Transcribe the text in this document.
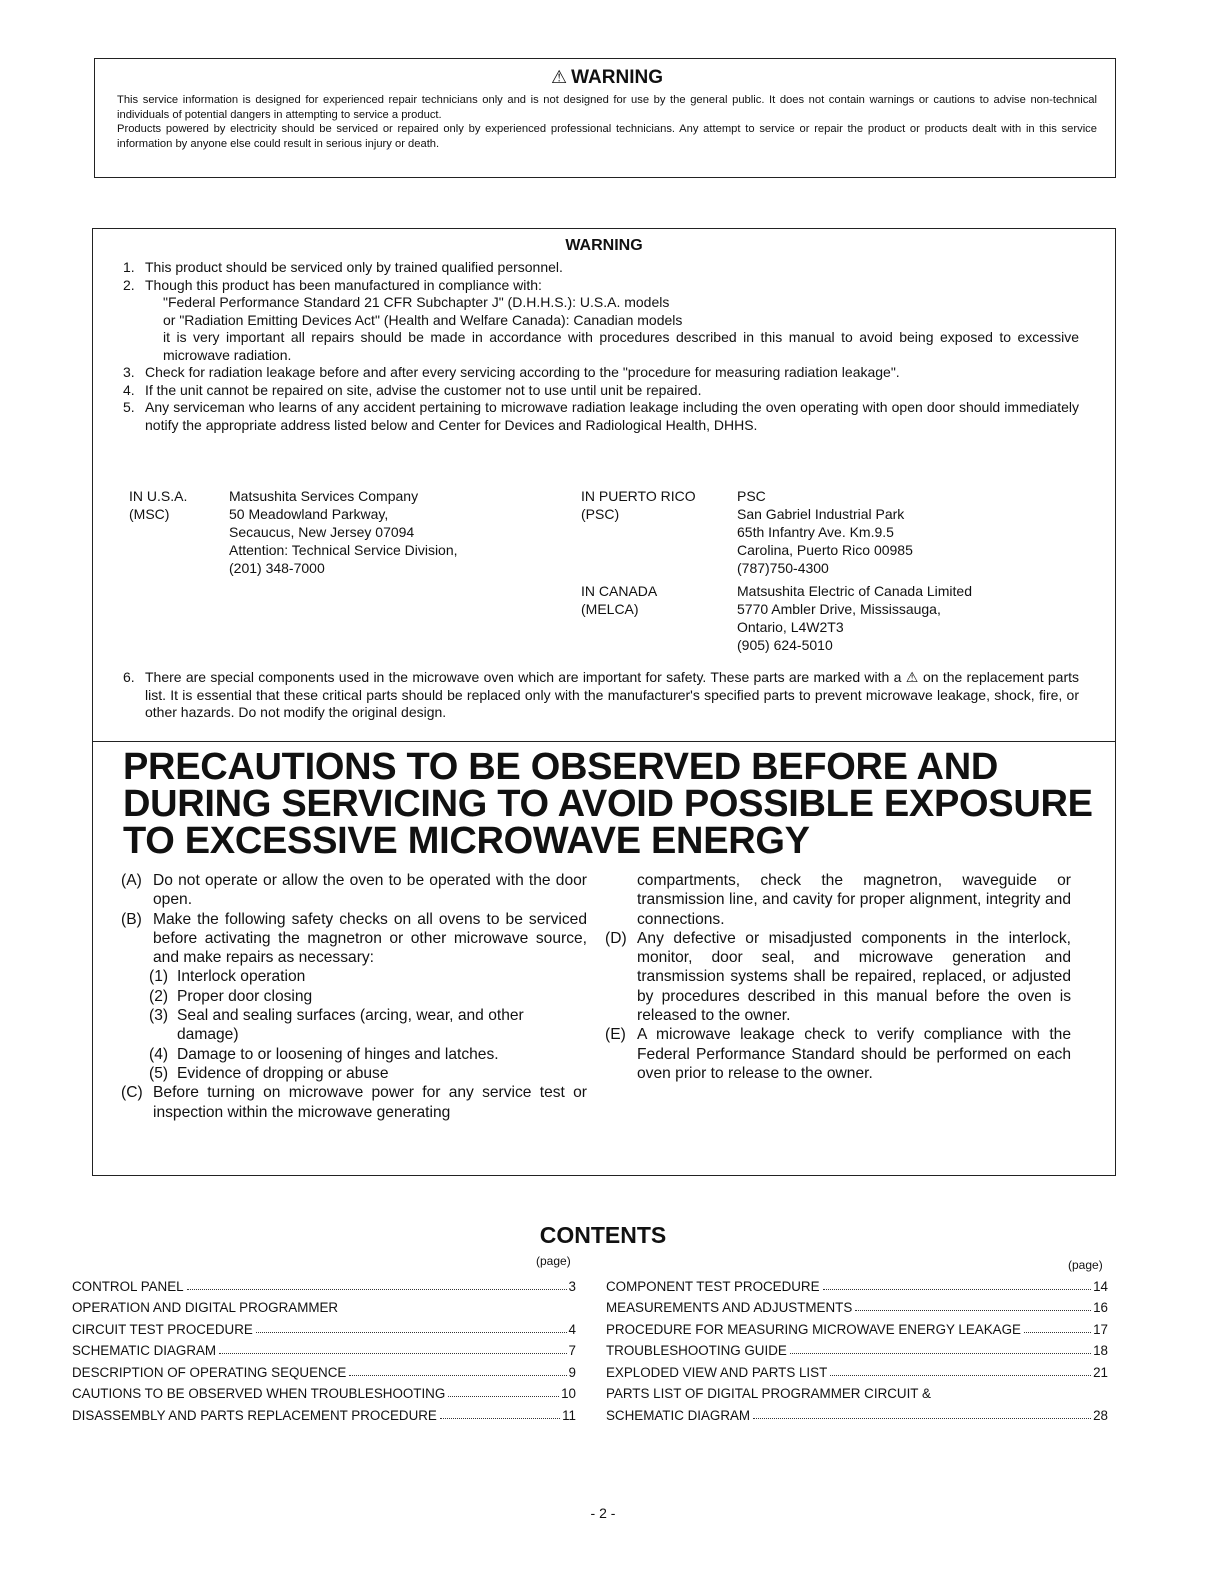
⚠ WARNING

This service information is designed for experienced repair technicians only and is not designed for use by the general public. It does not contain warnings or cautions to advise non-technical individuals of potential dangers in attempting to service a product.

Products powered by electricity should be serviced or repaired only by experienced professional technicians. Any attempt to service or repair the product or products dealt with in this service information by anyone else could result in serious injury or death.

WARNING
1. This product should be serviced only by trained qualified personnel.

2. Though this product has been manufactured in compliance with:

"Federal Performance Standard 21 CFR Subchapter J" (D.H.H.S.): U.S.A. models

or "Radiation Emitting Devices Act" (Health and Welfare Canada): Canadian models

it is very important all repairs should be made in accordance with procedures described in this manual to avoid being exposed to excessive microwave radiation.

3. Check for radiation leakage before and after every servicing according to the "procedure for measuring radiation leakage".

4. If the unit cannot be repaired on site, advise the customer not to use until unit be repaired.

5. Any serviceman who learns of any accident pertaining to microwave radiation leakage including the oven operating with open door should immediately notify the appropriate address listed below and Center for Devices and Radiological Health, DHHS.

IN U.S.A.
(MSC)
Matsushita Services Company
50 Meadowland Parkway,
Secaucus, New Jersey 07094
Attention: Technical Service Division,
(201) 348-7000
IN PUERTO RICO
(PSC)
PSC
San Gabriel Industrial Park
65th Infantry Ave. Km.9.5
Carolina, Puerto Rico 00985
(787)750-4300
IN CANADA
(MELCA)
Matsushita Electric of Canada Limited
5770 Ambler Drive, Mississauga,
Ontario, L4W2T3
(905) 624-5010
6. There are special components used in the microwave oven which are important for safety. These parts are marked with a ⚠ on the replacement parts list. It is essential that these critical parts should be replaced only with the manufacturer's specified parts to prevent microwave leakage, shock, fire, or other hazards. Do not modify the original design.

PRECAUTIONS TO BE OBSERVED BEFORE AND
DURING SERVICING TO AVOID POSSIBLE EXPOSURE
TO EXCESSIVE MICROWAVE ENERGY
(A) Do not operate or allow the oven to be operated with the door open.
(B) Make the following safety checks on all ovens to be serviced before activating the magnetron or other microwave source, and make repairs as necessary:
(1) Interlock operation
(2) Proper door closing
(3) Seal and sealing surfaces (arcing, wear, and other damage)
(4) Damage to or loosening of hinges and latches.
(5) Evidence of dropping or abuse
(C) Before turning on microwave power for any service test or inspection within the microwave generating
compartments, check the magnetron, waveguide or transmission line, and cavity for proper alignment, integrity and connections.
(D) Any defective or misadjusted components in the interlock, monitor, door seal, and microwave generation and transmission systems shall be repaired, replaced, or adjusted by procedures described in this manual before the oven is released to the owner.
(E) A microwave leakage check to verify compliance with the Federal Performance Standard should be performed on each oven prior to release to the owner.
CONTENTS
(page)	(page)
CONTROL PANEL	3
OPERATION AND DIGITAL PROGRAMMER
CIRCUIT TEST PROCEDURE	4
SCHEMATIC DIAGRAM	7
DESCRIPTION OF OPERATING SEQUENCE	9
CAUTIONS TO BE OBSERVED WHEN TROUBLESHOOTING	10
DISASSEMBLY AND PARTS REPLACEMENT PROCEDURE	11
COMPONENT TEST PROCEDURE	14
MEASUREMENTS AND ADJUSTMENTS	16
PROCEDURE FOR MEASURING MICROWAVE ENERGY LEAKAGE	17
TROUBLESHOOTING GUIDE	18
EXPLODED VIEW AND PARTS LIST	21
PARTS LIST OF DIGITAL PROGRAMMER CIRCUIT &
SCHEMATIC DIAGRAM	28
- 2 -
